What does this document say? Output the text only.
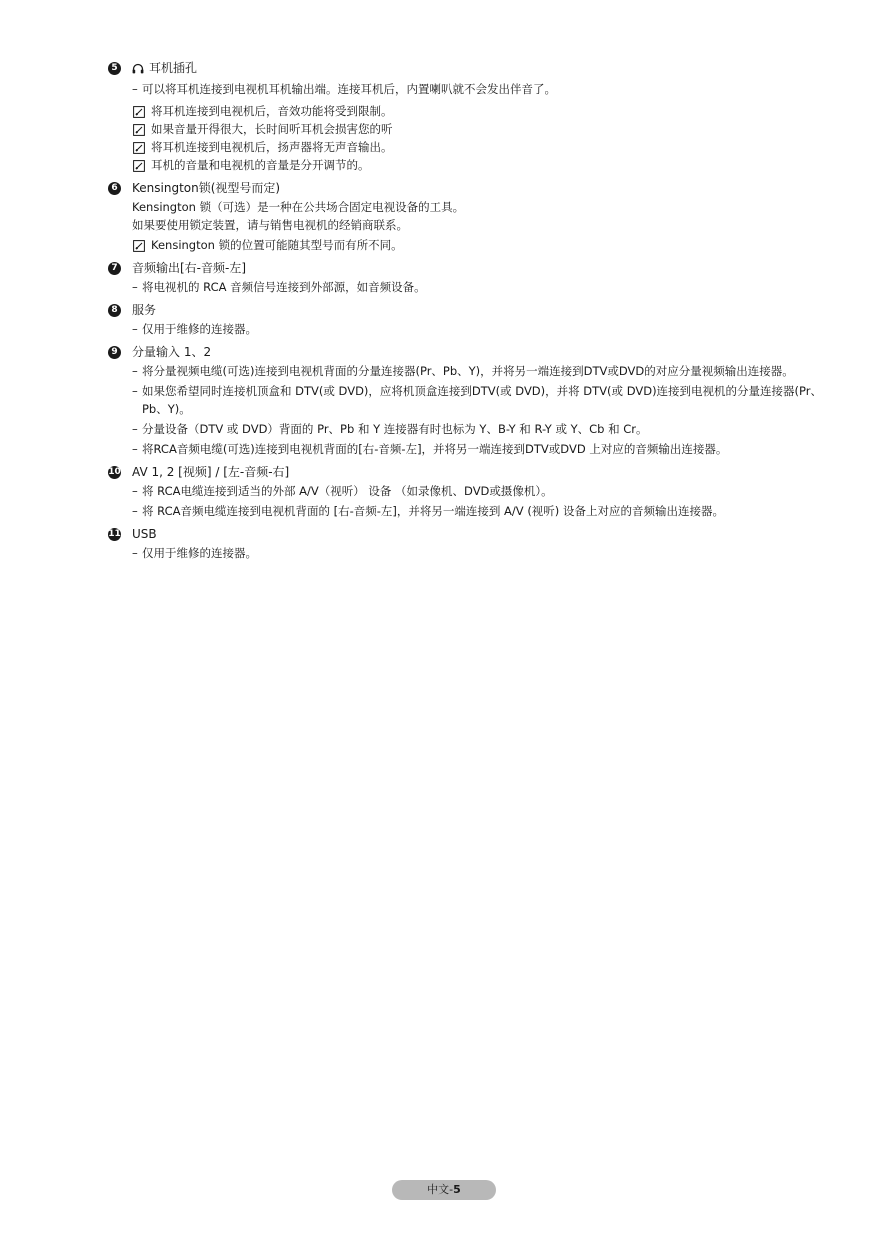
5	耳机插孔
– 可以将耳机连接到电视机耳机输出端。连接耳机后，内置喇叭就不会发出伴音了。
将耳机连接到电视机后，音效功能将受到限制。
如果音量开得很大，长时间听耳机会损害您的听
将耳机连接到电视机后，扬声器将无声音输出。
耳机的音量和电视机的音量是分开调节的。
6 Kensington锁(视型号而定)
Kensington 锁（可选）是一种在公共场合固定电视设备的工具。
如果要使用锁定装置，请与销售电视机的经销商联系。
Kensington 锁的位置可能随其型号而有所不同。
7 音频输出[右-音频-左]
– 将电视机的 RCA 音频信号连接到外部源，如音频设备。
8 服务
– 仅用于维修的连接器。
9 分量输入 1、2
– 将分量视频电缆(可选)连接到电视机背面的分量连接器(Pr、Pb、Y)，并将另一端连接到DTV或DVD的对应分量视频输出连接器。
– 如果您希望同时连接机顶盒和 DTV(或 DVD)，应将机顶盒连接到DTV(或 DVD)，并将 DTV(或 DVD)连接到电视机的分量连接器(Pr、Pb、Y)。
– 分量设备（DTV 或 DVD）背面的 Pr、Pb 和 Y 连接器有时也标为 Y、B-Y 和 R-Y 或 Y、Cb 和 Cr。
– 将RCA音频电缆(可选)连接到电视机背面的[右-音频-左]，并将另一端连接到DTV或DVD 上对应的音频输出连接器。
10 AV 1, 2 [视频] / [左-音频-右]
– 将 RCA电缆连接到适当的外部 A/V（视听） 设备 （如录像机、DVD或摄像机）。
– 将 RCA音频电缆连接到电视机背面的 [右-音频-左]，并将另一端连接到 A/V (视听) 设备上对应的音频输出连接器。
11 USB
– 仅用于维修的连接器。
中文-5
